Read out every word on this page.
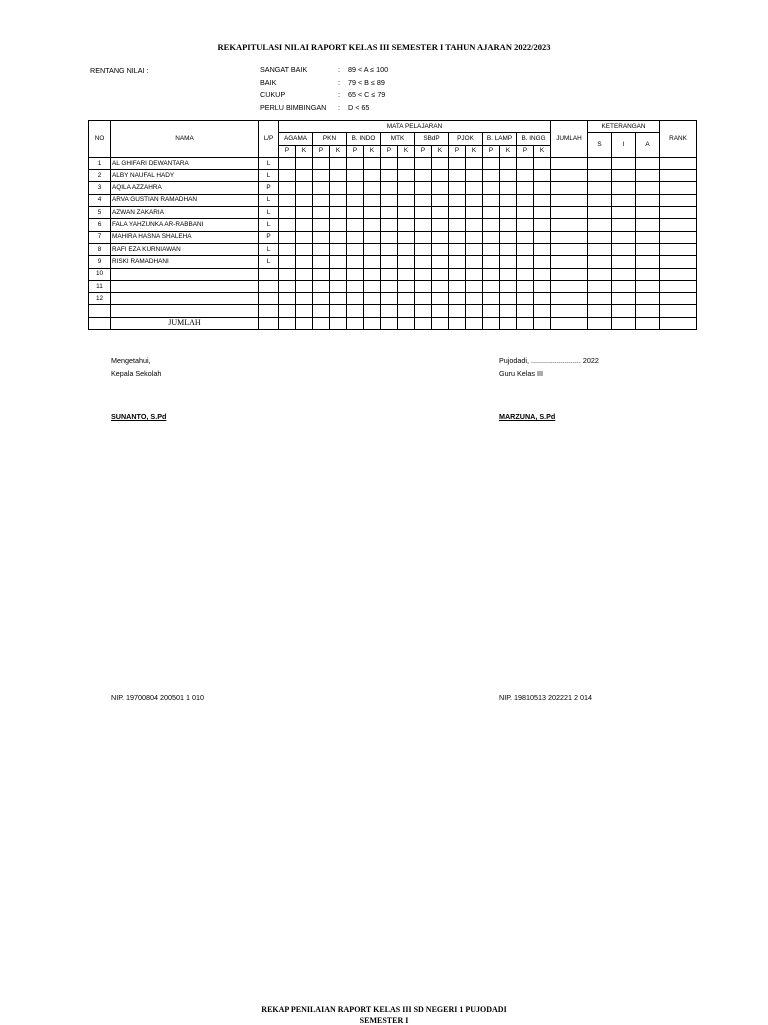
REKAPITULASI NILAI RAPORT KELAS III SEMESTER I TAHUN AJARAN 2022/2023
RENTANG NILAI :	SANGAT BAIK	: 89 < A ≤ 100
BAIK	: 79 < B ≤ 89
CUKUP	: 65 < C ≤ 79
PERLU BIMBINGAN : D < 65
NO	NAMA	L/P	MATA PELAJARAN																JUMLAH	KETERANGAN			RANK
			AGAMA		PKN		B. INDO		MTK		SBdP		PJOK		B. LAMP		B. INGG			S	I	A	
			P	K	P	K	P	K	P	K	P	K	P	K	P	K	P	K					
1	AL GHIFARI DEWANTARA	L																					
2	ALBY NAUFAL HADY	L																					
3	AQILA AZZAHRA	P																					
4	ARVA GUSTIAN RAMADHAN	L																					
5	AZWAN ZAKARIA	L																					
6	FALA YAHZUNKA AR-RABBANI	L																					
7	MAHIRA HASNA SHALEHA	P																					
8	RAFI EZA KURNIAWAN	L																					
9	RISKI RAMADHANI	L																					
10																							
11																							
12																							

	JUMLAH																						
Mengetahui,
Kepala Sekolah
SUNANTO, S.Pd
NIP. 19700804 200501 1 010
Pujodadi, ......................... 2022
Guru Kelas III
MARZUNA, S.Pd
NIP. 19810513 202221 2 014
REKAP PENILAIAN RAPORT KELAS III SD NEGERI 1 PUJODADI
SEMESTER I
